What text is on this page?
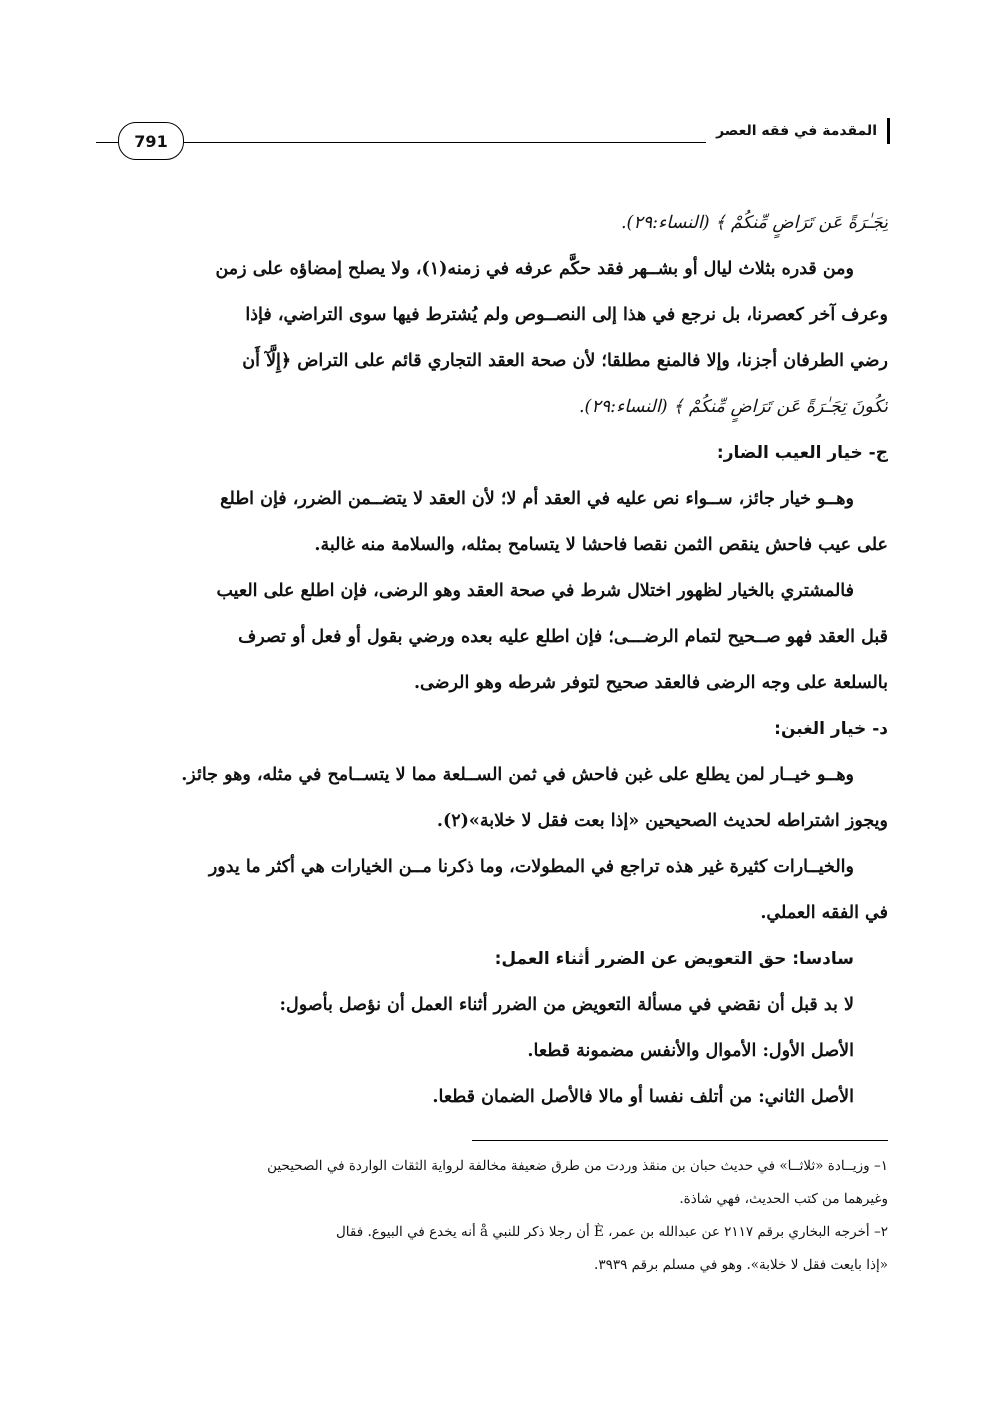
791
المقدمة في فقه العصر
تِجَـٰرَةً عَن تَرَاضٍ مِّنكُمْ ﴾ (النساء:٢٩).
ومن قدره بثلاث ليال أو بشــهر فقد حكَّم عرفه في زمنه(١)، ولا يصلح إمضاؤه على زمن
وعرف آخر كعصرنا، بل نرجع في هذا إلى النصــوص ولم يُشترط فيها سوى التراضي، فإذا
رضي الطرفان أجزنا، وإلا فالمنع مطلقا؛ لأن صحة العقد التجاري قائم على التراض ﴿إِلَّآ أَن
تَكُونَ تِجَـٰرَةً عَن تَرَاضٍ مِّنكُمْ ﴾ (النساء:٢٩).
ج- خيار العيب الضار:
وهــو خيار جائز، ســواء نص عليه في العقد أم لا؛ لأن العقد لا يتضــمن الضرر، فإن اطلع
على عيب فاحش ينقص الثمن نقصا فاحشا لا يتسامح بمثله، والسلامة منه غالبة.
فالمشتري بالخيار لظهور اختلال شرط في صحة العقد وهو الرضى، فإن اطلع على العيب
قبل العقد فهو صــحيح لتمام الرضـــى؛ فإن اطلع عليه بعده ورضي بقول أو فعل أو تصرف
بالسلعة على وجه الرضى فالعقد صحيح لتوفر شرطه وهو الرضى.
د- خيار الغبن:
وهــو خيــار لمن يطلع على غبن فاحش في ثمن الســلعة مما لا يتســامح في مثله، وهو جائز.
ويجوز اشتراطه لحديث الصحيحين «إذا بعت فقل لا خلابة»(٢).
والخيــارات كثيرة غير هذه تراجع في المطولات، وما ذكرنا مــن الخيارات هي أكثر ما يدور
في الفقه العملي.
سادسا: حق التعويض عن الضرر أثناء العمل:
لا بد قبل أن نقضي في مسألة التعويض من الضرر أثناء العمل أن نؤصل بأصول:
الأصل الأول: الأموال والأنفس مضمونة قطعا.
الأصل الثاني: من أتلف نفسا أو مالا فالأصل الضمان قطعا.
١– وزيــادة «ثلاثــا» في حديث حبان بن منقذ وردت من طرق ضعيفة مخالفة لرواية الثقات الواردة في الصحيحين
وغيرهما من كتب الحديث، فهي شاذة.
٢– أخرجه البخاري برقم ٢١١٧ عن عبدالله بن عمر، È أن رجلا ذكر للنبي å أنه يخدع في البيوع. فقال
«إذا بايعت فقل لا خلابة». وهو في مسلم برقم ٣٩٣٩.
